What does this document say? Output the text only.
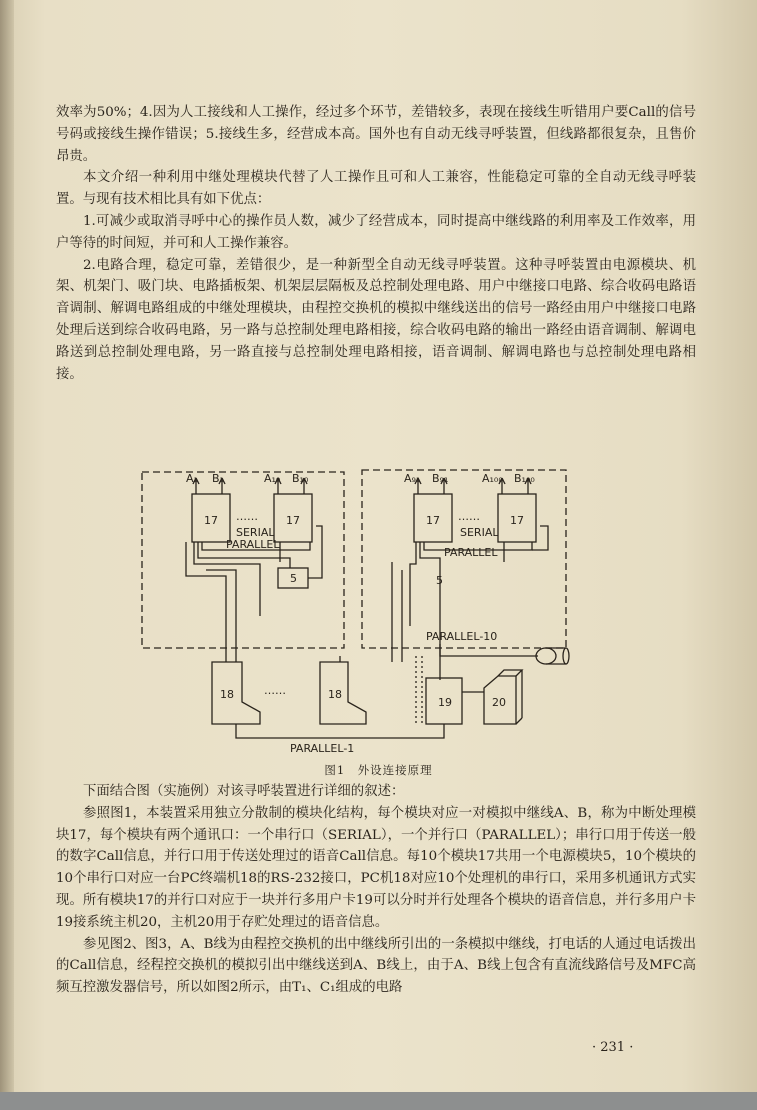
效率为50%；4.因为人工接线和人工操作，经过多个环节，差错较多，表现在接线生听错用户要Call的信号号码或接线生操作错误；5.接线生多，经营成本高。国外也有自动无线寻呼装置，但线路都很复杂，且售价昂贵。

本文介绍一种利用中继处理模块代替了人工操作且可和人工兼容，性能稳定可靠的全自动无线寻呼装置。与现有技术相比具有如下优点：

1.可减少或取消寻呼中心的操作员人数，减少了经营成本，同时提高中继线路的利用率及工作效率，用户等待的时间短，并可和人工操作兼容。

2.电路合理，稳定可靠，差错很少，是一种新型全自动无线寻呼装置。这种寻呼装置由电源模块、机架、机架门、吸门块、电路插板架、机架层层隔板及总控制处理电路、用户中继接口电路、综合收码电路语音调制、解调电路组成的中继处理模块，由程控交换机的模拟中继线送出的信号一路经由用户中继接口电路处理后送到综合收码电路，另一路与总控制处理电路相接，综合收码电路的输出一路经由语音调制、解调电路送到总控制处理电路，另一路直接与总控制处理电路相接，语音调制、解调电路也与总控制处理电路相接。

A₁ B₁	A₁₀ B₁₀	A₉₁ B₉₁	A₁₀₀ B₁₀₀
17	17	17	17
……	……
SERIAL
PARALLEL
SERIAL
PARALLEL
5	5
18	18
……
19	20
PARALLEL-10
PARALLEL-1
图1　外设连接原理

下面结合图（实施例）对该寻呼装置进行详细的叙述：

参照图1，本装置采用独立分散制的模块化结构，每个模块对应一对模拟中继线A、B，称为中断处理模块17，每个模块有两个通讯口：一个串行口（SERIAL），一个并行口（PARALLEL）；串行口用于传送一般的数字Call信息，并行口用于传送处理过的语音Call信息。每10个模块17共用一个电源模块5，10个模块的10个串行口对应一台PC终端机18的RS-232接口，PC机18对应10个处理机的串行口，采用多机通讯方式实现。所有模块17的并行口对应于一块并行多用户卡19可以分时并行处理各个模块的语音信息，并行多用户卡19接系统主机20，主机20用于存贮处理过的语音信息。

参见图2、图3，A、B线为由程控交换机的出中继线所引出的一条模拟中继线，打电话的人通过电话拨出的Call信息，经程控交换机的模拟引出中继线送到A、B线上，由于A、B线上包含有直流线路信号及MFC高频互控激发器信号，所以如图2所示，由T₁、C₁组成的电路

· 231 ·
